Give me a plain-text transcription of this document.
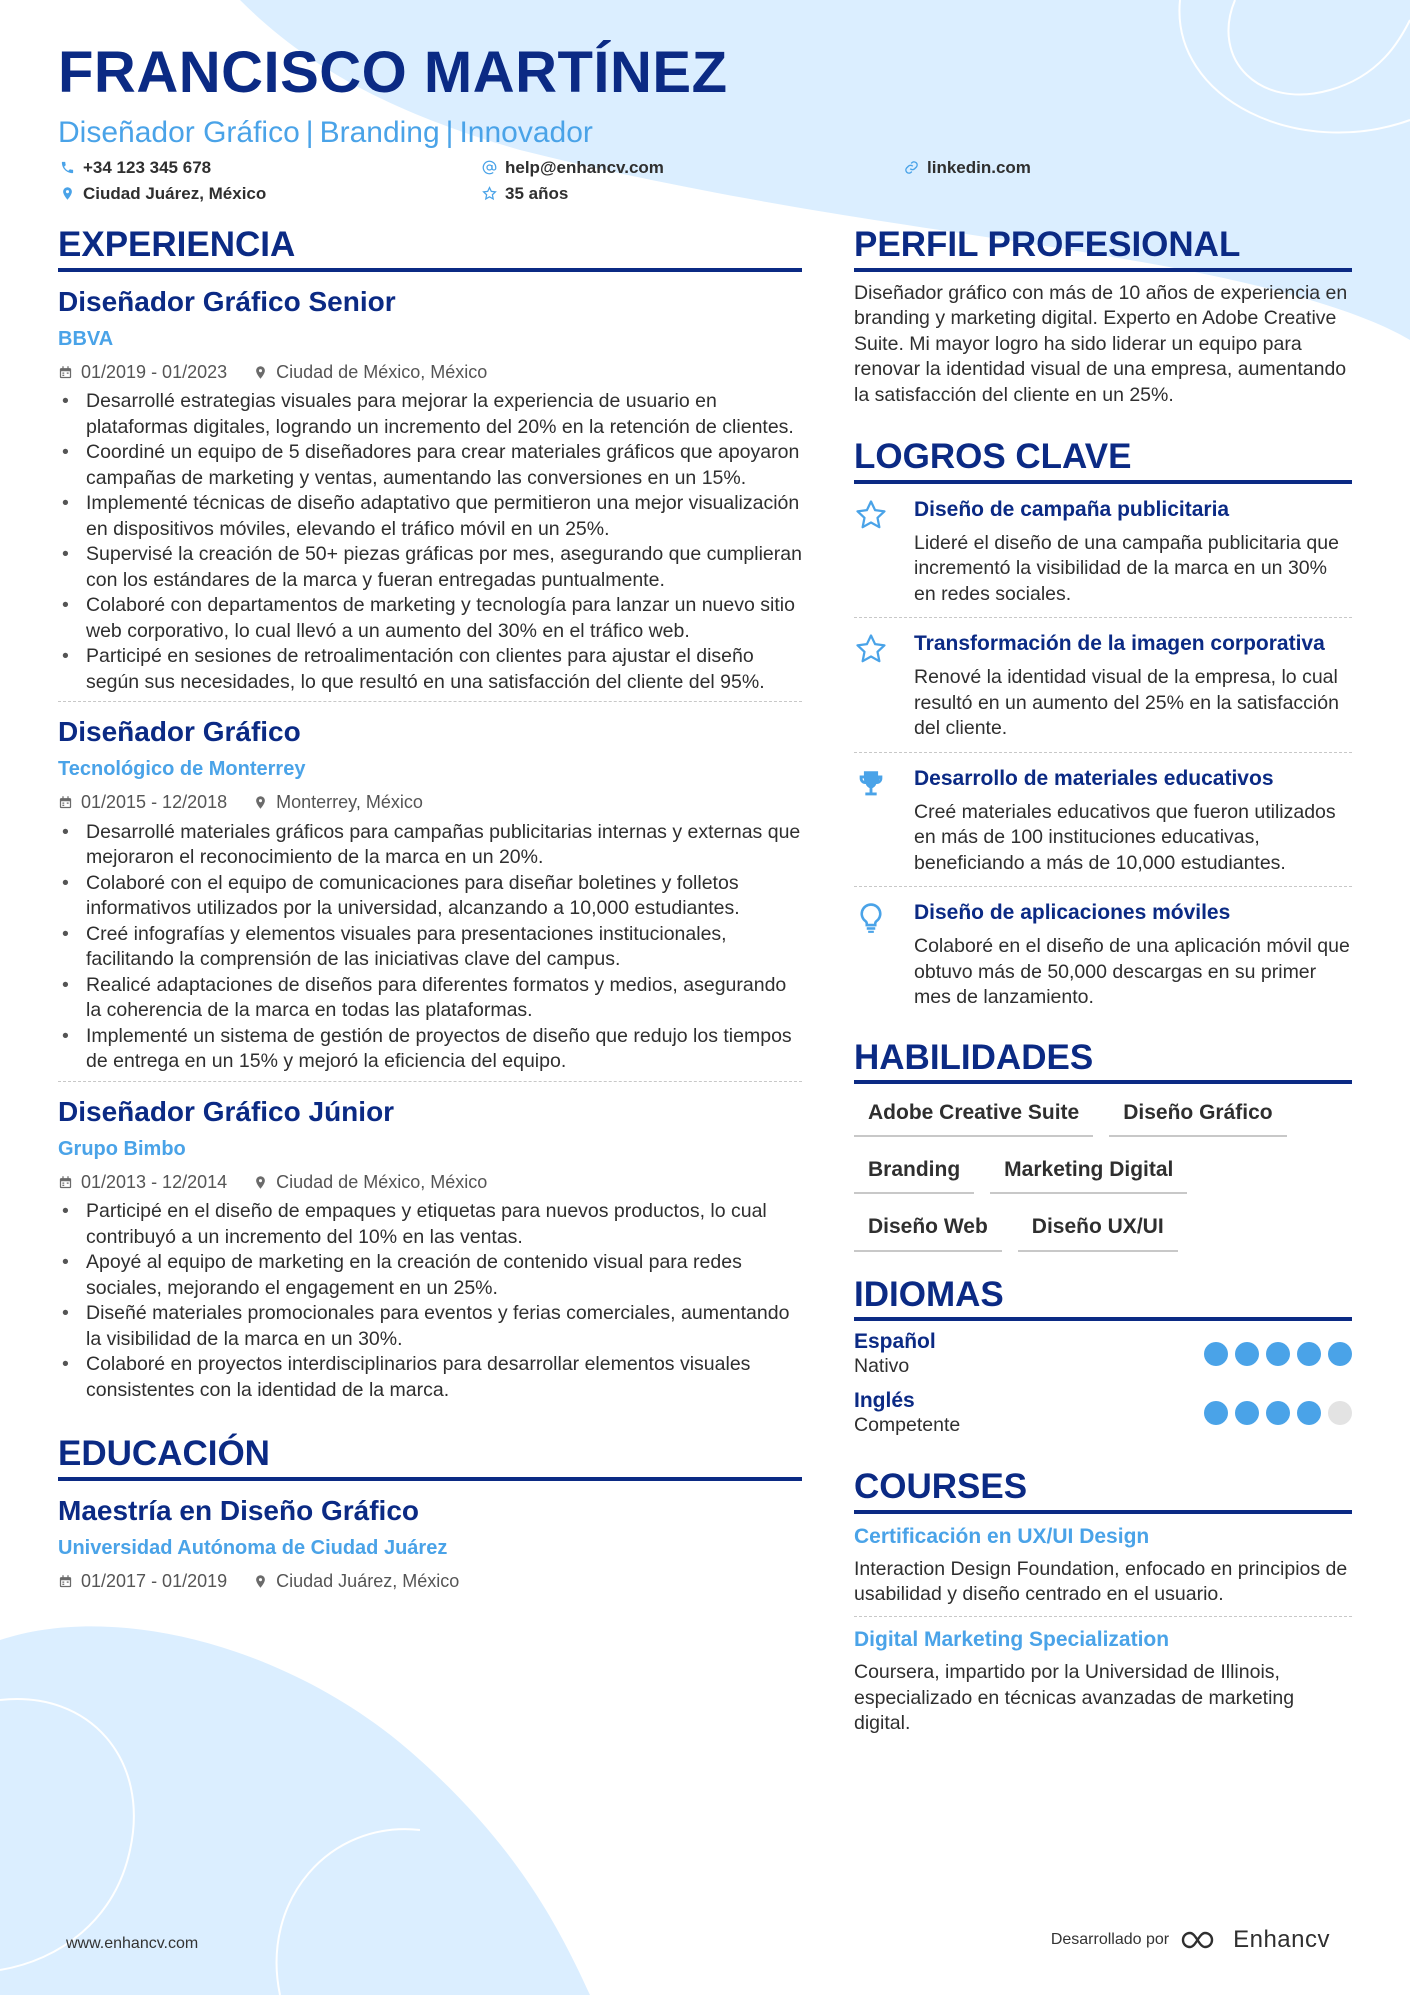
FRANCISCO MARTÍNEZ
Diseñador Gráfico | Branding | Innovador
+34 123 345 678	help@enhancv.com	linkedin.com
Ciudad Juárez, México	35 años
EXPERIENCIA
Diseñador Gráfico Senior
BBVA
01/2019 - 01/2023	Ciudad de México, México
• Desarrollé estrategias visuales para mejorar la experiencia de usuario en plataformas digitales, logrando un incremento del 20% en la retención de clientes.
• Coordiné un equipo de 5 diseñadores para crear materiales gráficos que apoyaron campañas de marketing y ventas, aumentando las conversiones en un 15%.
• Implementé técnicas de diseño adaptativo que permitieron una mejor visualización en dispositivos móviles, elevando el tráfico móvil en un 25%.
• Supervisé la creación de 50+ piezas gráficas por mes, asegurando que cumplieran con los estándares de la marca y fueran entregadas puntualmente.
• Colaboré con departamentos de marketing y tecnología para lanzar un nuevo sitio web corporativo, lo cual llevó a un aumento del 30% en el tráfico web.
• Participé en sesiones de retroalimentación con clientes para ajustar el diseño según sus necesidades, lo que resultó en una satisfacción del cliente del 95%.
Diseñador Gráfico
Tecnológico de Monterrey
01/2015 - 12/2018	Monterrey, México
• Desarrollé materiales gráficos para campañas publicitarias internas y externas que mejoraron el reconocimiento de la marca en un 20%.
• Colaboré con el equipo de comunicaciones para diseñar boletines y folletos informativos utilizados por la universidad, alcanzando a 10,000 estudiantes.
• Creé infografías y elementos visuales para presentaciones institucionales, facilitando la comprensión de las iniciativas clave del campus.
• Realicé adaptaciones de diseños para diferentes formatos y medios, asegurando la coherencia de la marca en todas las plataformas.
• Implementé un sistema de gestión de proyectos de diseño que redujo los tiempos de entrega en un 15% y mejoró la eficiencia del equipo.
Diseñador Gráfico Júnior
Grupo Bimbo
01/2013 - 12/2014	Ciudad de México, México
• Participé en el diseño de empaques y etiquetas para nuevos productos, lo cual contribuyó a un incremento del 10% en las ventas.
• Apoyé al equipo de marketing en la creación de contenido visual para redes sociales, mejorando el engagement en un 25%.
• Diseñé materiales promocionales para eventos y ferias comerciales, aumentando la visibilidad de la marca en un 30%.
• Colaboré en proyectos interdisciplinarios para desarrollar elementos visuales consistentes con la identidad de la marca.
EDUCACIÓN
Maestría en Diseño Gráfico
Universidad Autónoma de Ciudad Juárez
01/2017 - 01/2019	Ciudad Juárez, México
PERFIL PROFESIONAL
Diseñador gráfico con más de 10 años de experiencia en branding y marketing digital. Experto en Adobe Creative Suite. Mi mayor logro ha sido liderar un equipo para renovar la identidad visual de una empresa, aumentando la satisfacción del cliente en un 25%.
LOGROS CLAVE
Diseño de campaña publicitaria
Lideré el diseño de una campaña publicitaria que incrementó la visibilidad de la marca en un 30% en redes sociales.
Transformación de la imagen corporativa
Renové la identidad visual de la empresa, lo cual resultó en un aumento del 25% en la satisfacción del cliente.
Desarrollo de materiales educativos
Creé materiales educativos que fueron utilizados en más de 100 instituciones educativas, beneficiando a más de 10,000 estudiantes.
Diseño de aplicaciones móviles
Colaboré en el diseño de una aplicación móvil que obtuvo más de 50,000 descargas en su primer mes de lanzamiento.
HABILIDADES
Adobe Creative Suite	Diseño Gráfico
Branding	Marketing Digital
Diseño Web	Diseño UX/UI
IDIOMAS
Español
Nativo
Inglés
Competente
COURSES
Certificación en UX/UI Design
Interaction Design Foundation, enfocado en principios de usabilidad y diseño centrado en el usuario.
Digital Marketing Specialization
Coursera, impartido por la Universidad de Illinois, especializado en técnicas avanzadas de marketing digital.
www.enhancv.com	Desarrollado por	Enhancv
